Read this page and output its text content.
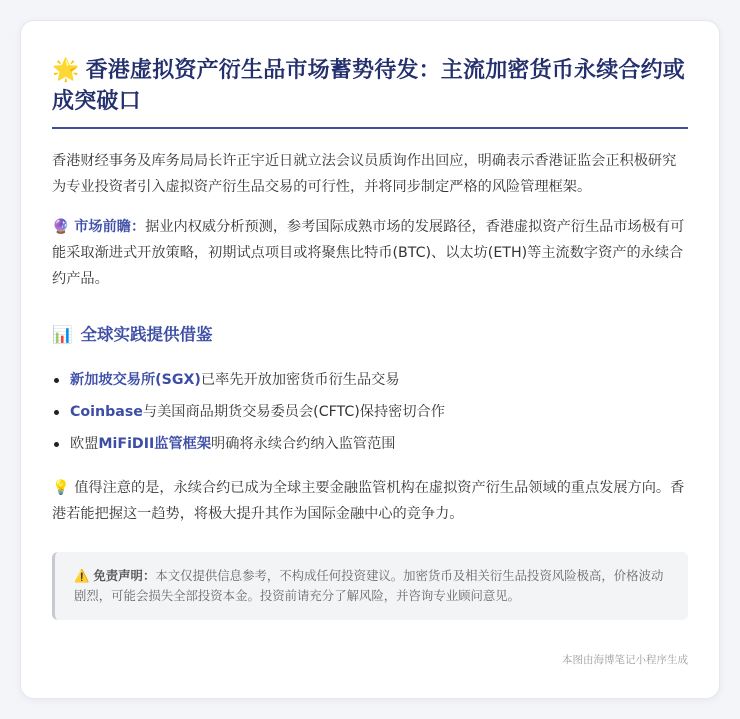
🌟 香港虚拟资产衍生品市场蓄势待发：主流加密货币永续合约或成突破口

香港财经事务及库务局局长许正宇近日就立法会议员质询作出回应，明确表示香港证监会正积极研究为专业投资者引入虚拟资产衍生品交易的可行性，并将同步制定严格的风险管理框架。

🔮 市场前瞻：据业内权威分析预测，参考国际成熟市场的发展路径，香港虚拟资产衍生品市场极有可能采取渐进式开放策略，初期试点项目或将聚焦比特币(BTC)、以太坊(ETH)等主流数字资产的永续合约产品。

📊 全球实践提供借鉴
新加坡交易所(SGX)已率先开放加密货币衍生品交易
Coinbase与美国商品期货交易委员会(CFTC)保持密切合作
欧盟MiFiDII监管框架明确将永续合约纳入监管范围

💡 值得注意的是，永续合约已成为全球主要金融监管机构在虚拟资产衍生品领域的重点发展方向。香港若能把握这一趋势，将极大提升其作为国际金融中心的竞争力。

⚠️ 免责声明：本文仅提供信息参考，不构成任何投资建议。加密货币及相关衍生品投资风险极高，价格波动剧烈，可能会损失全部投资本金。投资前请充分了解风险，并咨询专业顾问意见。
本图由海博笔记小程序生成
